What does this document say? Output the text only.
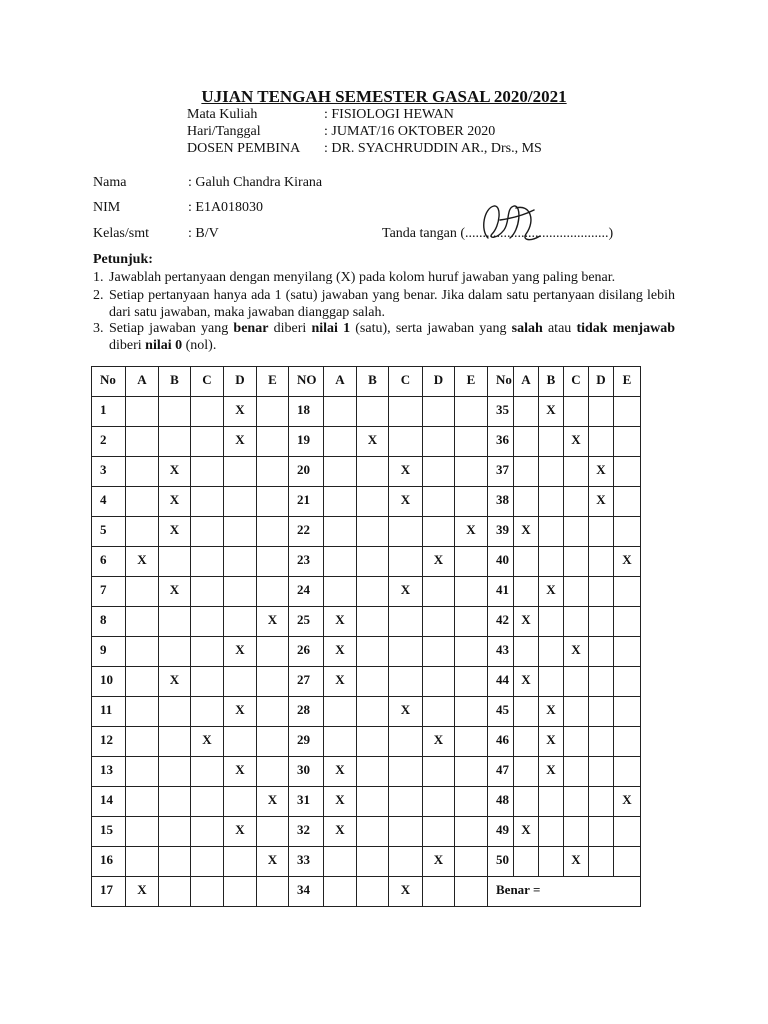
UJIAN TENGAH SEMESTER GASAL 2020/2021
Mata Kuliah	: FISIOLOGI HEWAN
Hari/Tanggal	: JUMAT/16 OKTOBER 2020
DOSEN PEMBINA : DR. SYACHRUDDIN AR., Drs., MS
Nama	: Galuh Chandra Kirana
NIM	: E1A018030
Kelas/smt	: B/V	Tanda tangan (.........................................)
Petunjuk:
1. Jawablah pertanyaan dengan menyilang (X) pada kolom huruf jawaban yang paling benar.
2. Setiap pertanyaan hanya ada 1 (satu) jawaban yang benar. Jika dalam satu pertanyaan disilang lebih dari satu jawaban, maka jawaban dianggap salah.
3. Setiap jawaban yang benar diberi nilai 1 (satu), serta jawaban yang salah atau tidak menjawab diberi nilai 0 (nol).
No	A	B	C	D	E	NO	A	B	C	D	E	No	A	B	C	D	E
1				X		18						35		X			
2				X		19		X				36			X		
3		X				20			X			37				X	
4		X				21			X			38				X	
5		X				22					X	39	X				
6	X					23				X		40					X
7		X				24			X			41		X			
8					X	25	X					42	X				
9				X		26	X					43			X		
10		X				27	X					44	X				
11				X		28			X			45		X			
12			X			29				X		46		X			
13				X		30	X					47		X			
14					X	31	X					48					X
15				X		32	X					49	X				
16					X	33				X		50			X		
17	X					34			X			Benar =					
